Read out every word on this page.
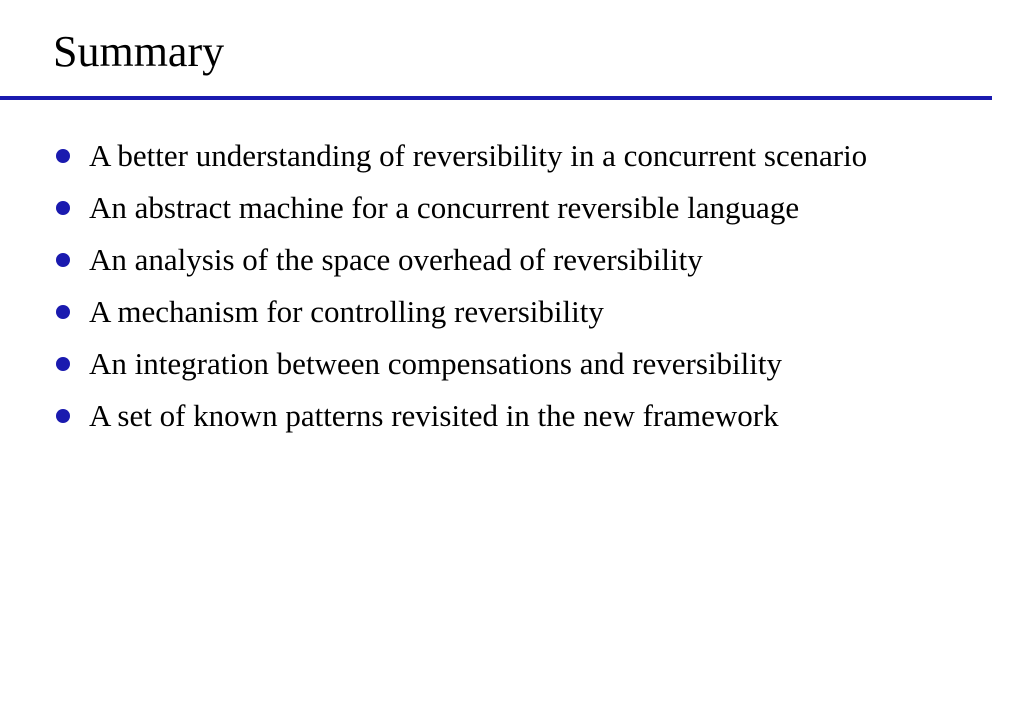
Summary
A better understanding of reversibility in a concurrent scenario
An abstract machine for a concurrent reversible language
An analysis of the space overhead of reversibility
A mechanism for controlling reversibility
An integration between compensations and reversibility
A set of known patterns revisited in the new framework
